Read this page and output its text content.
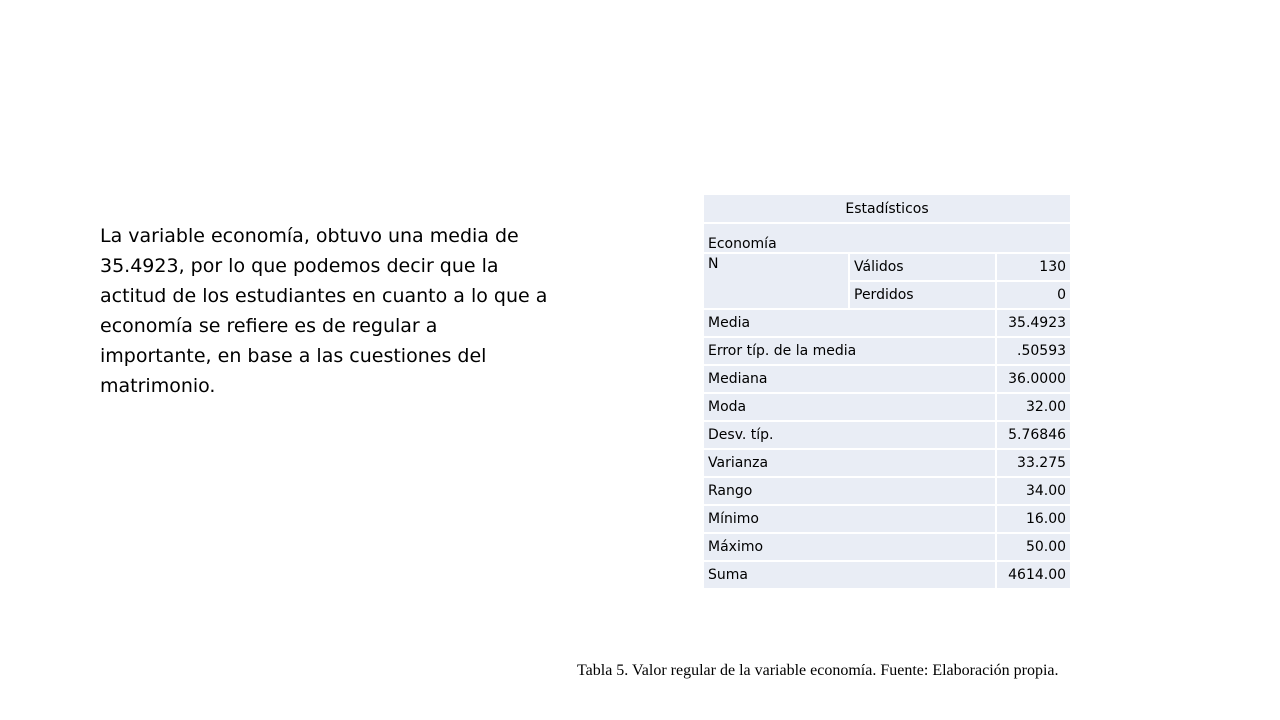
La variable economía, obtuvo una media de 35.4923, por lo que podemos decir que la actitud de los estudiantes en cuanto a lo que a economía se refiere es de regular a importante, en base a las cuestiones del matrimonio.

Estadísticos		
Economía		
N	Válidos	130
	Perdidos	0
Media		35.4923
Error típ. de la media		.50593
Mediana		36.0000
Moda		32.00
Desv. típ.		5.76846
Varianza		33.275
Rango		34.00
Mínimo		16.00
Máximo		50.00
Suma		4614.00
Tabla 5. Valor regular de la variable economía. Fuente: Elaboración propia.
